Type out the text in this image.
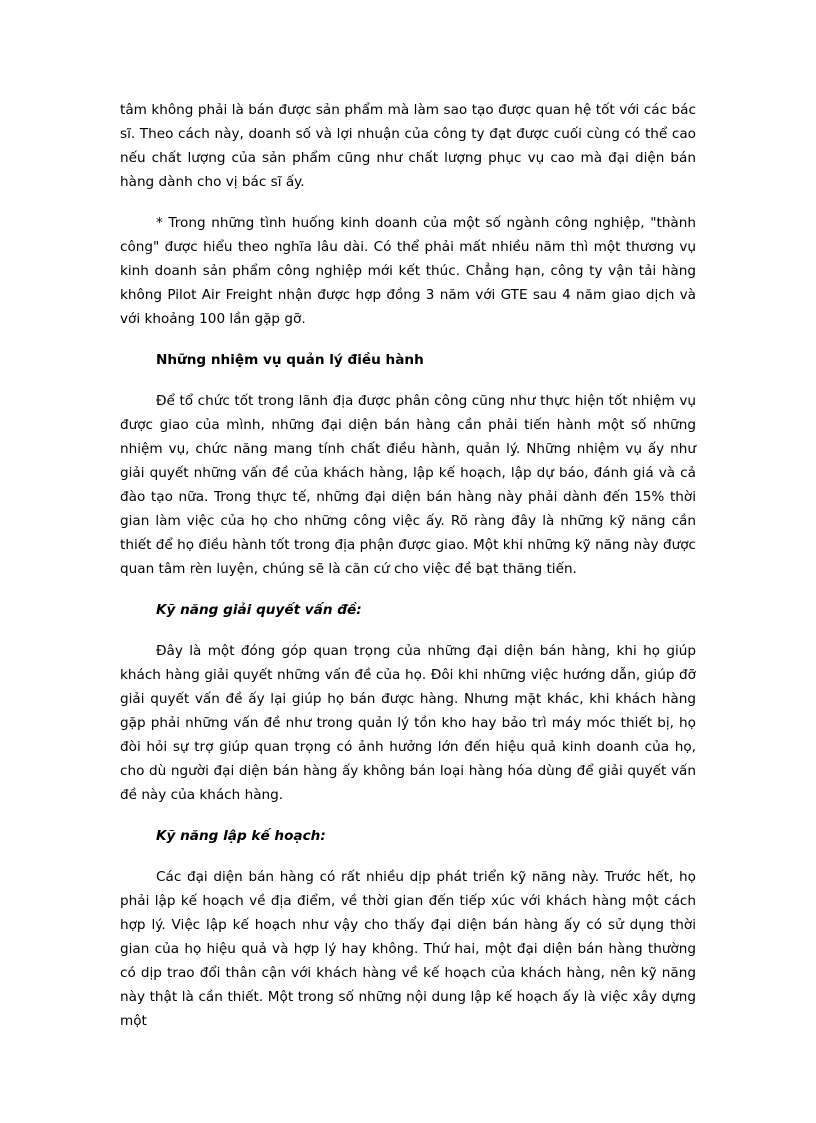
tâm không phải là bán được sản phẩm mà làm sao tạo được quan hệ tốt với các bác sĩ. Theo cách này, doanh số và lợi nhuận của công ty đạt được cuối cùng có thể cao nếu chất lượng của sản phẩm cũng như chất lượng phục vụ cao mà đại diện bán hàng dành cho vị bác sĩ ấy.

* Trong những tình huống kinh doanh của một số ngành công nghiệp, "thành công" được hiểu theo nghĩa lâu dài. Có thể phải mất nhiều năm thì một thương vụ kinh doanh sản phẩm công nghiệp mới kết thúc. Chẳng hạn, công ty vận tải hàng không Pilot Air Freight nhận được hợp đồng 3 năm với GTE sau 4 năm giao dịch và với khoảng 100 lần gặp gỡ.

Những nhiệm vụ quản lý điều hành

Để tổ chức tốt trong lãnh địa được phân công cũng như thực hiện tốt nhiệm vụ được giao của mình, những đại diện bán hàng cần phải tiến hành một số những nhiệm vụ, chức năng mang tính chất điều hành, quản lý. Những nhiệm vụ ấy như giải quyết những vấn đề của khách hàng, lập kế hoạch, lập dự báo, đánh giá và cả đào tạo nữa. Trong thực tế, những đại diện bán hàng này phải dành đến 15% thời gian làm việc của họ cho những công việc ấy. Rõ ràng đây là những kỹ năng cần thiết để họ điều hành tốt trong địa phận được giao. Một khi những kỹ năng này được quan tâm rèn luyện, chúng sẽ là căn cứ cho việc đề bạt thăng tiến.

Kỹ năng giải quyết vấn đề:

Đây là một đóng góp quan trọng của những đại diện bán hàng, khi họ giúp khách hàng giải quyết những vấn đề của họ. Đôi khi những việc hướng dẫn, giúp đỡ giải quyết vấn đề ấy lại giúp họ bán được hàng. Nhưng mặt khác, khi khách hàng gặp phải những vấn đề như trong quản lý tồn kho hay bảo trì máy móc thiết bị, họ đòi hỏi sự trợ giúp quan trọng có ảnh hưởng lớn đến hiệu quả kinh doanh của họ, cho dù người đại diện bán hàng ấy không bán loại hàng hóa dùng để giải quyết vấn đề này của khách hàng.

Kỹ năng lập kế hoạch:

Các đại diện bán hàng có rất nhiều dịp phát triển kỹ năng này. Trước hết, họ phải lập kế hoạch về địa điểm, về thời gian đến tiếp xúc với khách hàng một cách hợp lý. Việc lập kế hoạch như vậy cho thấy đại diện bán hàng ấy có sử dụng thời gian của họ hiệu quả và hợp lý hay không. Thứ hai, một đại diện bán hàng thường có dịp trao đổi thân cận với khách hàng về kế hoạch của khách hàng, nên kỹ năng này thật là cần thiết. Một trong số những nội dung lập kế hoạch ấy là việc xây dựng một
